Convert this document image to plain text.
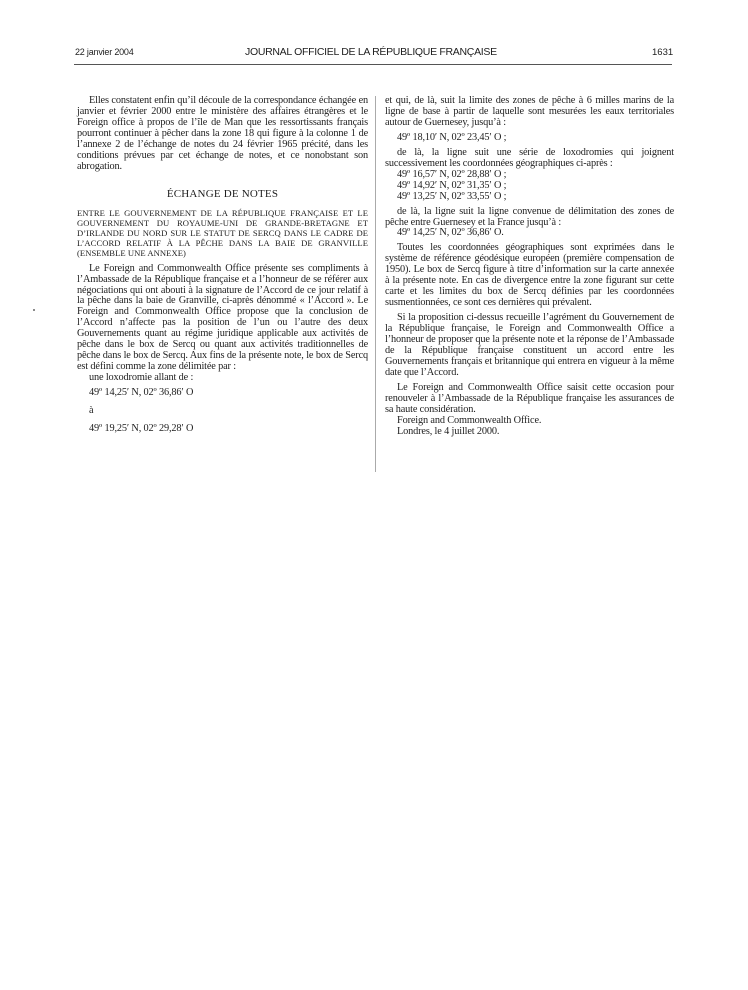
22 janvier 2004	JOURNAL OFFICIEL DE LA RÉPUBLIQUE FRANÇAISE	1631

Elles constatent enfin qu’il découle de la correspondance échangée en janvier et février 2000 entre le ministère des affaires étrangères et le Foreign office à propos de l’île de Man que les ressortissants français pourront continuer à pêcher dans la zone 18 qui figure à la colonne 1 de l’annexe 2 de l’échange de notes du 24 février 1965 précité, dans les conditions prévues par cet échange de notes, et ce nonobstant son abrogation.

ÉCHANGE DE NOTES

ENTRE LE GOUVERNEMENT DE LA RÉPUBLIQUE FRANÇAISE ET LE GOUVERNEMENT DU ROYAUME-UNI DE GRANDE-BRETAGNE ET D’IRLANDE DU NORD SUR LE STATUT DE SERCQ DANS LE CADRE DE L’ACCORD RELATIF À LA PÊCHE DANS LA BAIE DE GRANVILLE (ENSEMBLE UNE ANNEXE)

Le Foreign and Commonwealth Office présente ses compliments à l’Ambassade de la République française et a l’honneur de se référer aux négociations qui ont abouti à la signature de l’Accord de ce jour relatif à la pêche dans la baie de Granville, ci-après dénommé « l’Accord ». Le Foreign and Commonwealth Office propose que la conclusion de l’Accord n’affecte pas la position de l’un ou l’autre des deux Gouvernements quant au régime juridique applicable aux activités de pêche dans le box de Sercq ou quant aux activités traditionnelles de pêche dans le box de Sercq. Aux fins de la présente note, le box de Sercq est défini comme la zone délimitée par :

une loxodromie allant de :

49º 14,25′ N, 02º 36,86′ O

à

49º 19,25′ N, 02º 29,28′ O

et qui, de là, suit la limite des zones de pêche à 6 milles marins de la ligne de base à partir de laquelle sont mesurées les eaux territoriales autour de Guernesey, jusqu’à :

49º 18,10′ N, 02º 23,45′ O ;

de là, la ligne suit une série de loxodromies qui joignent successivement les coordonnées géographiques ci-après :

49º 16,57′ N, 02º 28,88′ O ;

49º 14,92′ N, 02º 31,35′ O ;

49º 13,25′ N, 02º 33,55′ O ;

de là, la ligne suit la ligne convenue de délimitation des zones de pêche entre Guernesey et la France jusqu’à :

49º 14,25′ N, 02º 36,86′ O.

Toutes les coordonnées géographiques sont exprimées dans le système de référence géodésique européen (première compensation de 1950). Le box de Sercq figure à titre d’information sur la carte annexée à la présente note. En cas de divergence entre la zone figurant sur cette carte et les limites du box de Sercq définies par les coordonnées susmentionnées, ce sont ces dernières qui prévalent.

Si la proposition ci-dessus recueille l’agrément du Gouvernement de la République française, le Foreign and Commonwealth Office a l’honneur de proposer que la présente note et la réponse de l’Ambassade de la République française constituent un accord entre les Gouvernements français et britannique qui entrera en vigueur à la même date que l’Accord.

Le Foreign and Commonwealth Office saisit cette occasion pour renouveler à l’Ambassade de la République française les assurances de sa haute considération.

Foreign and Commonwealth Office.

Londres, le 4 juillet 2000.
